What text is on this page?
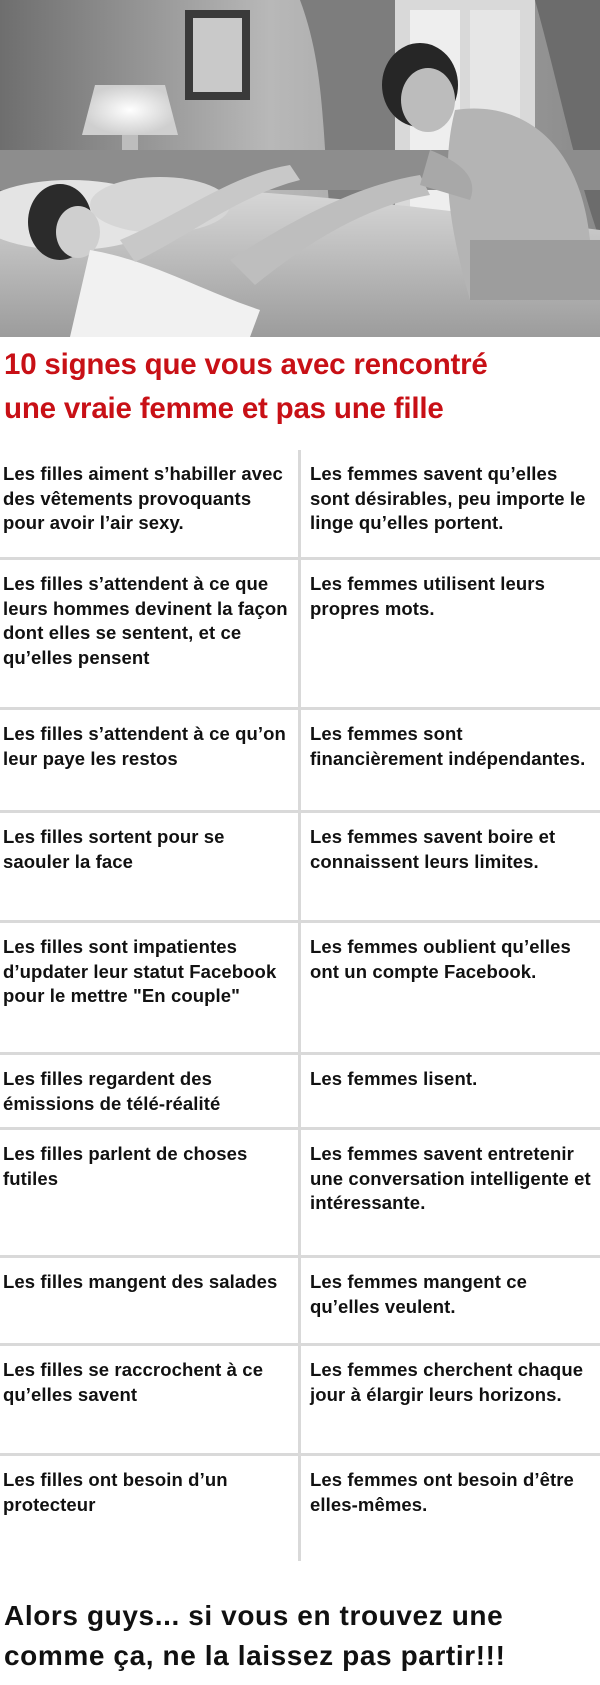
10 signes que vous avec rencontré
une vraie femme et pas une fille
Les filles aiment s’habiller avec des vêtements provoquants pour avoir l’air sexy.
Les femmes savent qu’elles sont désirables, peu importe le linge qu’elles portent.
Les filles s’attendent à ce que leurs hommes devinent la façon dont elles se sentent, et ce qu’elles pensent
Les femmes utilisent leurs propres mots.
Les filles s’attendent à ce qu’on leur paye les restos
Les femmes sont financièrement indépendantes.
Les filles sortent pour se saouler la face
Les femmes savent boire et connaissent leurs limites.
Les filles sont impatientes d’updater leur statut Facebook pour le mettre "En couple"
Les femmes oublient qu’elles ont un compte Facebook.
Les filles regardent des émissions de télé-réalité
Les femmes lisent.
Les filles parlent de choses futiles
Les femmes savent entretenir une conversation intelligente et intéressante.
Les filles mangent des salades	Les femmes mangent ce qu’elles veulent.
Les filles se raccrochent à ce qu’elles savent
Les femmes cherchent chaque jour à élargir leurs horizons.
Les filles ont besoin d’un protecteur
Les femmes ont besoin d’être elles-mêmes.
Alors guys... si vous en trouvez une
comme ça, ne la laissez pas partir!!!
